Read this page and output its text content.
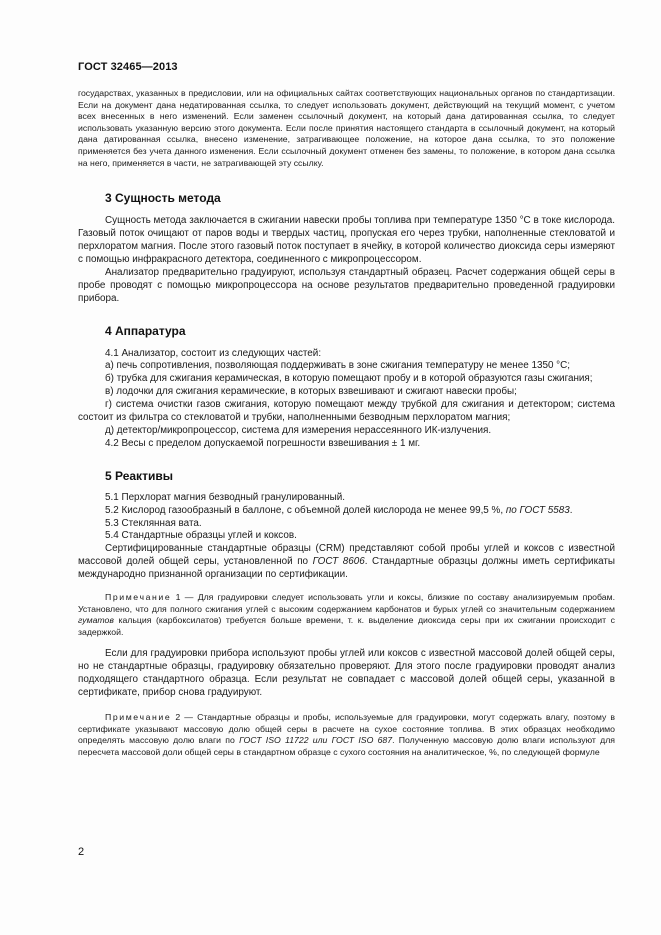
ГОСТ 32465—2013

государствах, указанных в предисловии, или на официальных сайтах соответствующих национальных органов по стандартизации. Если на документ дана недатированная ссылка, то следует использовать документ, действующий на текущий момент, с учетом всех внесенных в него изменений. Если заменен ссылочный документ, на который дана датированная ссылка, то следует использовать указанную версию этого документа. Если после принятия настоящего стандарта в ссылочный документ, на который дана датированная ссылка, внесено изменение, затрагивающее положение, на которое дана ссылка, то это положение применяется без учета данного изменения. Если ссылочный документ отменен без замены, то положение, в котором дана ссылка на него, применяется в части, не затрагивающей эту ссылку.

3 Сущность метода

Сущность метода заключается в сжигании навески пробы топлива при температуре 1350 °С в токе кислорода. Газовый поток очищают от паров воды и твердых частиц, пропуская его через трубки, наполненные стекловатой и перхлоратом магния. После этого газовый поток поступает в ячейку, в которой количество диоксида серы измеряют с помощью инфракрасного детектора, соединенного с микропроцессором.

Анализатор предварительно градуируют, используя стандартный образец. Расчет содержания общей серы в пробе проводят с помощью микропроцессора на основе результатов предварительно проведенной градуировки прибора.

4 Аппаратура

4.1 Анализатор, состоит из следующих частей:

а) печь сопротивления, позволяющая поддерживать в зоне сжигания температуру не менее 1350 °С;

б) трубка для сжигания керамическая, в которую помещают пробу и в которой образуются газы сжигания;

в) лодочки для сжигания керамические, в которых взвешивают и сжигают навески пробы;

г) система очистки газов сжигания, которую помещают между трубкой для сжигания и детектором; система состоит из фильтра со стекловатой и трубки, наполненными безводным перхлоратом магния;

д) детектор/микропроцессор, система для измерения нерассеянного ИК-излучения.

4.2 Весы с пределом допускаемой погрешности взвешивания ± 1 мг.

5 Реактивы

5.1 Перхлорат магния безводный гранулированный.

5.2 Кислород газообразный в баллоне, с объемной долей кислорода не менее 99,5 %, по ГОСТ 5583.

5.3 Стеклянная вата.

5.4 Стандартные образцы углей и коксов.

Сертифицированные стандартные образцы (CRM) представляют собой пробы углей и коксов с известной массовой долей общей серы, установленной по ГОСТ 8606. Стандартные образцы должны иметь сертификаты международно признанной организации по сертификации.

Примечание 1 — Для градуировки следует использовать угли и коксы, близкие по составу анализируемым пробам. Установлено, что для полного сжигания углей с высоким содержанием карбонатов и бурых углей со значительным содержанием гуматов кальция (карбоксилатов) требуется больше времени, т. к. выделение диоксида серы при их сжигании происходит с задержкой.

Если для градуировки прибора используют пробы углей или коксов с известной массовой долей общей серы, но не стандартные образцы, градуировку обязательно проверяют. Для этого после градуировки проводят анализ подходящего стандартного образца. Если результат не совпадает с массовой долей общей серы, указанной в сертификате, прибор снова градуируют.

Примечание 2 — Стандартные образцы и пробы, используемые для градуировки, могут содержать влагу, поэтому в сертификате указывают массовую долю общей серы в расчете на сухое состояние топлива. В этих образцах необходимо определять массовую долю влаги по ГОСТ ISO 11722 или ГОСТ ISO 687. Полученную массовую долю влаги используют для пересчета массовой доли общей серы в стандартном образце с сухого состояния на аналитическое, %, по следующей формуле

2
